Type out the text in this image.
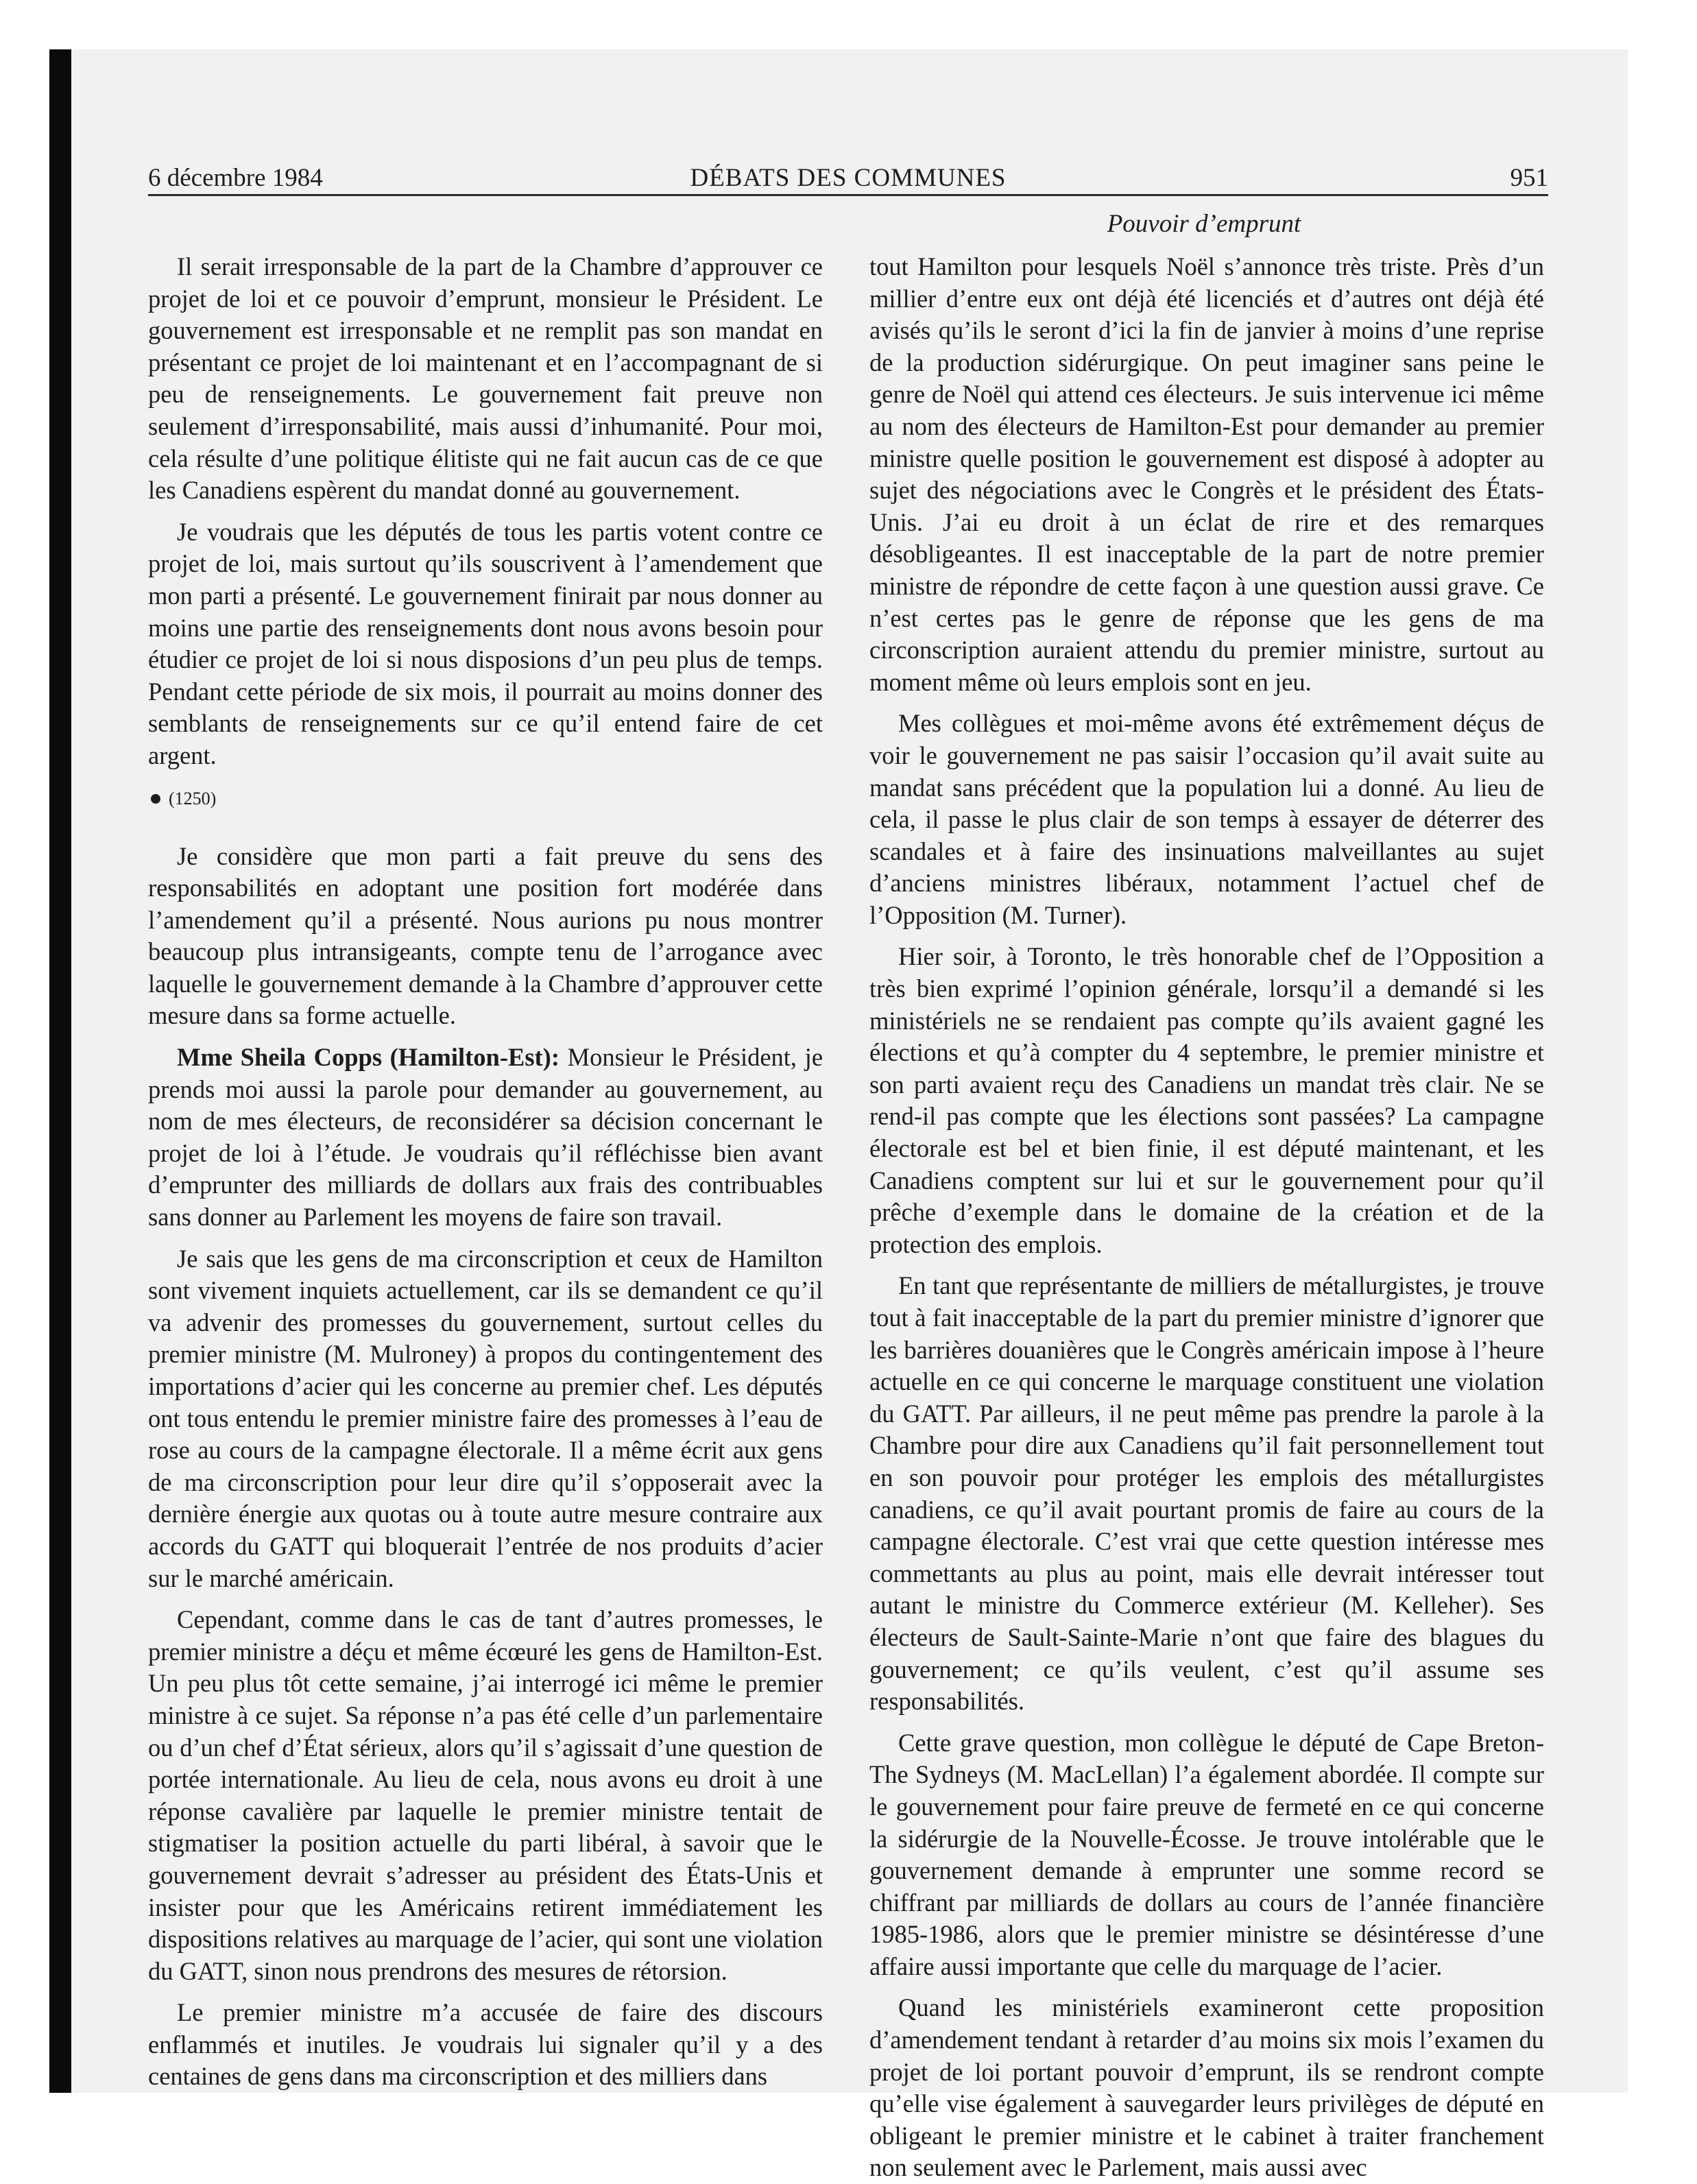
6 décembre 1984	DÉBATS DES COMMUNES	951
Pouvoir d’emprunt

Il serait irresponsable de la part de la Chambre d’approuver ce projet de loi et ce pouvoir d’emprunt, monsieur le Président. Le gouvernement est irresponsable et ne remplit pas son mandat en présentant ce projet de loi maintenant et en l’accompagnant de si peu de renseignements. Le gouvernement fait preuve non seulement d’irresponsabilité, mais aussi d’inhumanité. Pour moi, cela résulte d’une politique élitiste qui ne fait aucun cas de ce que les Canadiens espèrent du mandat donné au gouvernement.

Je voudrais que les députés de tous les partis votent contre ce projet de loi, mais surtout qu’ils souscrivent à l’amendement que mon parti a présenté. Le gouvernement finirait par nous donner au moins une partie des renseignements dont nous avons besoin pour étudier ce projet de loi si nous disposions d’un peu plus de temps. Pendant cette période de six mois, il pourrait au moins donner des semblants de renseignements sur ce qu’il entend faire de cet argent.

(1250)

Je considère que mon parti a fait preuve du sens des responsabilités en adoptant une position fort modérée dans l’amendement qu’il a présenté. Nous aurions pu nous montrer beaucoup plus intransigeants, compte tenu de l’arrogance avec laquelle le gouvernement demande à la Chambre d’approuver cette mesure dans sa forme actuelle.

Mme Sheila Copps (Hamilton-Est): Monsieur le Président, je prends moi aussi la parole pour demander au gouvernement, au nom de mes électeurs, de reconsidérer sa décision concernant le projet de loi à l’étude. Je voudrais qu’il réfléchisse bien avant d’emprunter des milliards de dollars aux frais des contribuables sans donner au Parlement les moyens de faire son travail.

Je sais que les gens de ma circonscription et ceux de Hamilton sont vivement inquiets actuellement, car ils se demandent ce qu’il va advenir des promesses du gouvernement, surtout celles du premier ministre (M. Mulroney) à propos du contingentement des importations d’acier qui les concerne au premier chef. Les députés ont tous entendu le premier ministre faire des promesses à l’eau de rose au cours de la campagne électorale. Il a même écrit aux gens de ma circonscription pour leur dire qu’il s’opposerait avec la dernière énergie aux quotas ou à toute autre mesure contraire aux accords du GATT qui bloquerait l’entrée de nos produits d’acier sur le marché américain.

Cependant, comme dans le cas de tant d’autres promesses, le premier ministre a déçu et même écœuré les gens de Hamilton-Est. Un peu plus tôt cette semaine, j’ai interrogé ici même le premier ministre à ce sujet. Sa réponse n’a pas été celle d’un parlementaire ou d’un chef d’État sérieux, alors qu’il s’agissait d’une question de portée internationale. Au lieu de cela, nous avons eu droit à une réponse cavalière par laquelle le premier ministre tentait de stigmatiser la position actuelle du parti libéral, à savoir que le gouvernement devrait s’adresser au président des États-Unis et insister pour que les Américains retirent immédiatement les dispositions relatives au marquage de l’acier, qui sont une violation du GATT, sinon nous prendrons des mesures de rétorsion.

Le premier ministre m’a accusée de faire des discours enflammés et inutiles. Je voudrais lui signaler qu’il y a des centaines de gens dans ma circonscription et des milliers dans

tout Hamilton pour lesquels Noël s’annonce très triste. Près d’un millier d’entre eux ont déjà été licenciés et d’autres ont déjà été avisés qu’ils le seront d’ici la fin de janvier à moins d’une reprise de la production sidérurgique. On peut imaginer sans peine le genre de Noël qui attend ces électeurs. Je suis intervenue ici même au nom des électeurs de Hamilton-Est pour demander au premier ministre quelle position le gouvernement est disposé à adopter au sujet des négociations avec le Congrès et le président des États-Unis. J’ai eu droit à un éclat de rire et des remarques désobligeantes. Il est inacceptable de la part de notre premier ministre de répondre de cette façon à une question aussi grave. Ce n’est certes pas le genre de réponse que les gens de ma circonscription auraient attendu du premier ministre, surtout au moment même où leurs emplois sont en jeu.

Mes collègues et moi-même avons été extrêmement déçus de voir le gouvernement ne pas saisir l’occasion qu’il avait suite au mandat sans précédent que la population lui a donné. Au lieu de cela, il passe le plus clair de son temps à essayer de déterrer des scandales et à faire des insinuations malveillantes au sujet d’anciens ministres libéraux, notamment l’actuel chef de l’Opposition (M. Turner).

Hier soir, à Toronto, le très honorable chef de l’Opposition a très bien exprimé l’opinion générale, lorsqu’il a demandé si les ministériels ne se rendaient pas compte qu’ils avaient gagné les élections et qu’à compter du 4 septembre, le premier ministre et son parti avaient reçu des Canadiens un mandat très clair. Ne se rend-il pas compte que les élections sont passées? La campagne électorale est bel et bien finie, il est député maintenant, et les Canadiens comptent sur lui et sur le gouvernement pour qu’il prêche d’exemple dans le domaine de la création et de la protection des emplois.

En tant que représentante de milliers de métallurgistes, je trouve tout à fait inacceptable de la part du premier ministre d’ignorer que les barrières douanières que le Congrès américain impose à l’heure actuelle en ce qui concerne le marquage constituent une violation du GATT. Par ailleurs, il ne peut même pas prendre la parole à la Chambre pour dire aux Canadiens qu’il fait personnellement tout en son pouvoir pour protéger les emplois des métallurgistes canadiens, ce qu’il avait pourtant promis de faire au cours de la campagne électorale. C’est vrai que cette question intéresse mes commettants au plus au point, mais elle devrait intéresser tout autant le ministre du Commerce extérieur (M. Kelleher). Ses électeurs de Sault-Sainte-Marie n’ont que faire des blagues du gouvernement; ce qu’ils veulent, c’est qu’il assume ses responsabilités.

Cette grave question, mon collègue le député de Cape Breton-The Sydneys (M. MacLellan) l’a également abordée. Il compte sur le gouvernement pour faire preuve de fermeté en ce qui concerne la sidérurgie de la Nouvelle-Écosse. Je trouve intolérable que le gouvernement demande à emprunter une somme record se chiffrant par milliards de dollars au cours de l’année financière 1985-1986, alors que le premier ministre se désintéresse d’une affaire aussi importante que celle du marquage de l’acier.

Quand les ministériels examineront cette proposition d’amendement tendant à retarder d’au moins six mois l’examen du projet de loi portant pouvoir d’emprunt, ils se rendront compte qu’elle vise également à sauvegarder leurs privilèges de député en obligeant le premier ministre et le cabinet à traiter franchement non seulement avec le Parlement, mais aussi avec
